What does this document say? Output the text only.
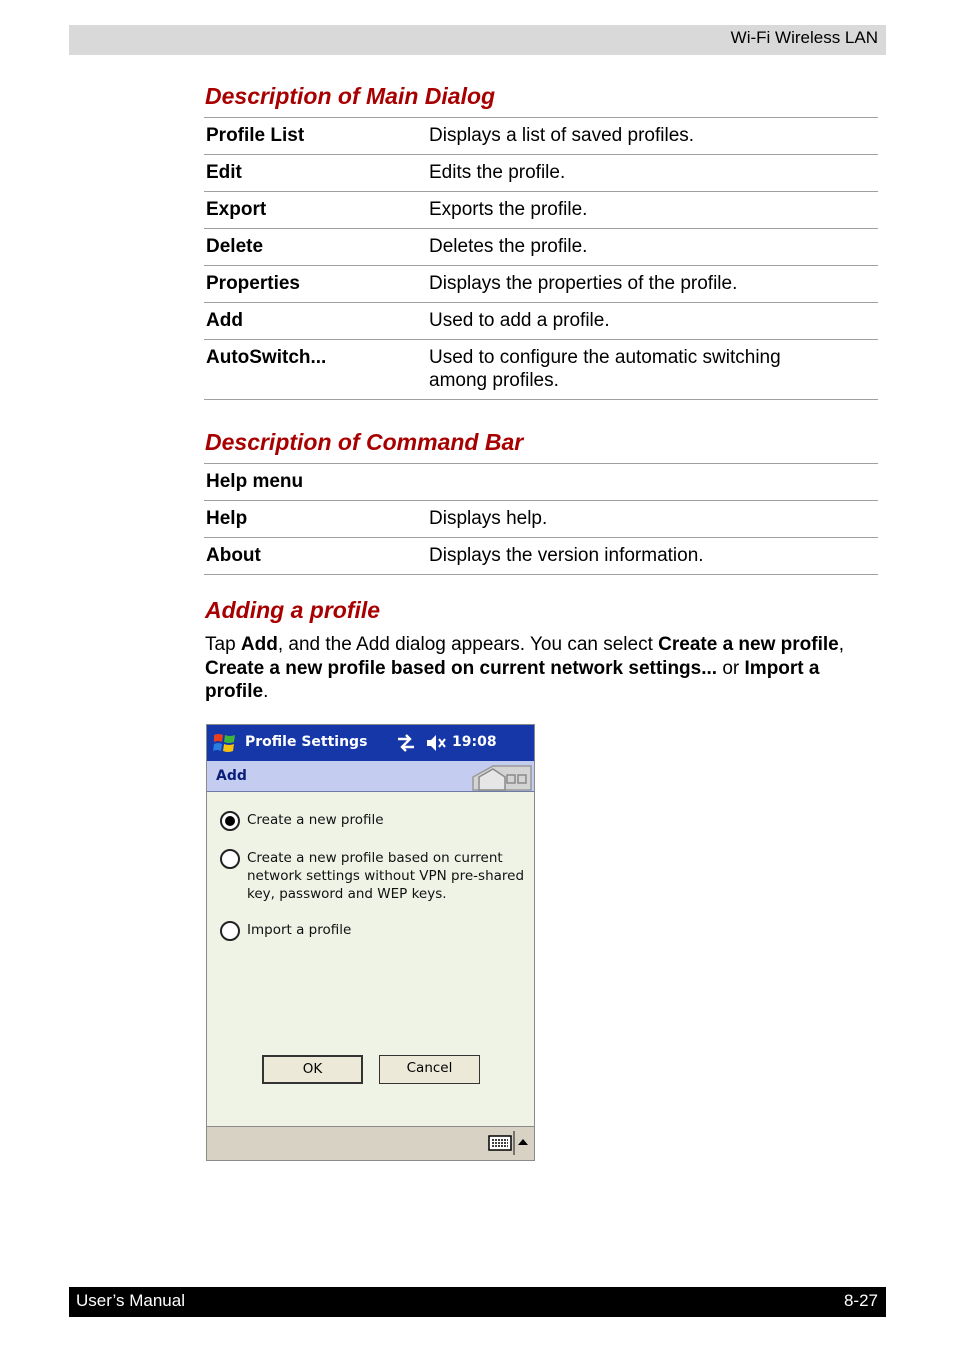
Wi-Fi Wireless LAN
Description of Main Dialog
Profile List	Displays a list of saved profiles.
Edit	Edits the profile.
Export	Exports the profile.
Delete	Deletes the profile.
Properties	Displays the properties of the profile.
Add	Used to add a profile.
AutoSwitch...	Used to configure the automatic switching among profiles.
Description of Command Bar
Help menu	
Help	Displays help.
About	Displays the version information.
Adding a profile

Tap Add, and the Add dialog appears. You can select Create a new profile, Create a new profile based on current network settings... or Import a profile.

Profile Settings	19:08
Add
Create a new profile
Create a new profile based on current network settings without VPN pre-shared key, password and WEP keys.
Import a profile
OK	Cancel
User’s Manual	8-27
